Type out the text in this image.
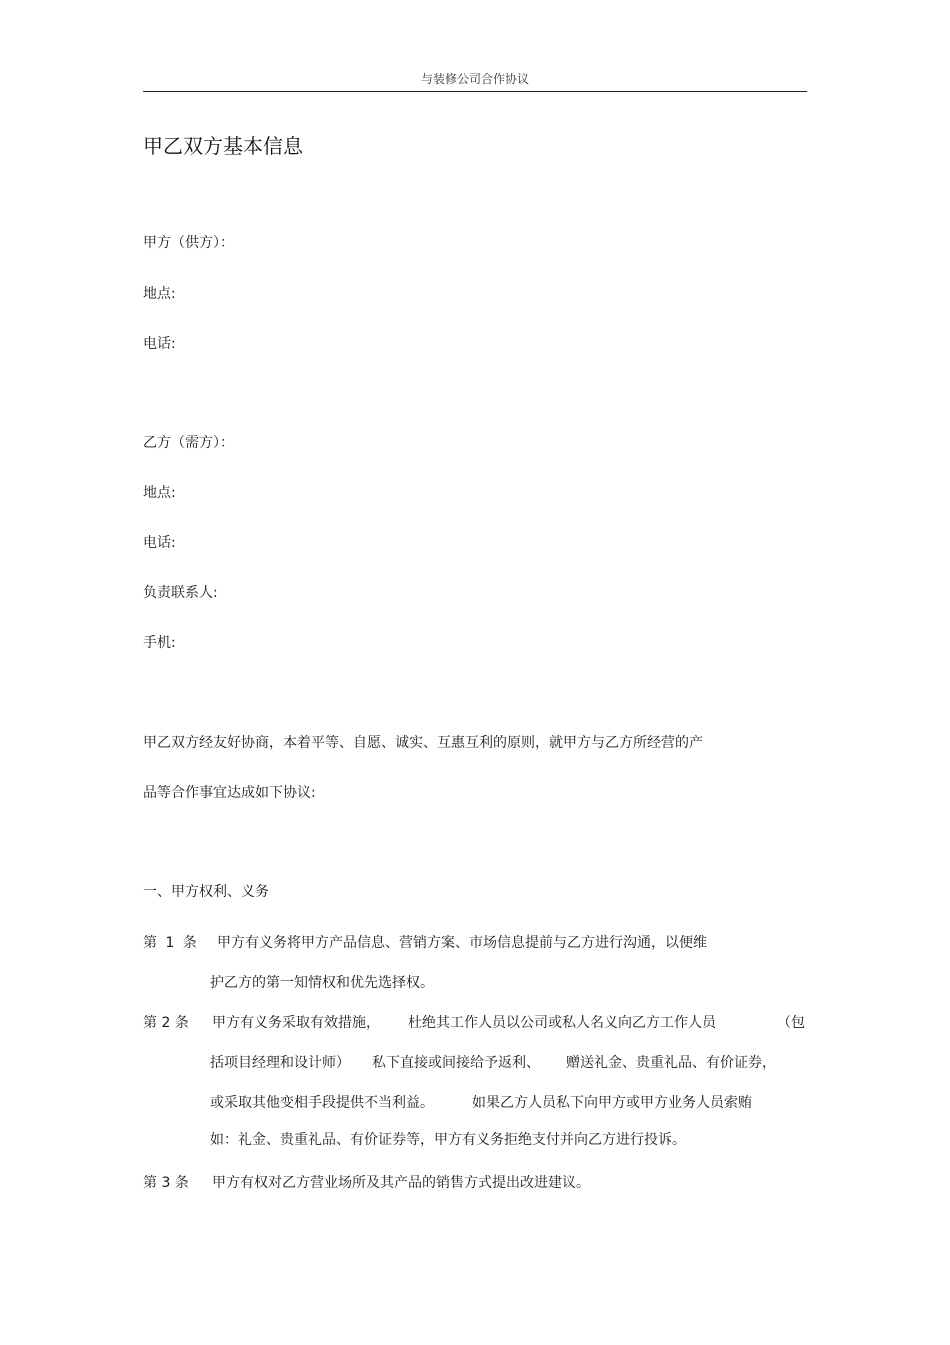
与装修公司合作协议
甲乙双方基本信息
甲方（供方）：
地点:
电话:
乙方（需方）：
地点:
电话:
负责联系人:
手机:
甲乙双方经友好协商，本着平等、自愿、诚实、互惠互利的原则，就甲方与乙方所经营的产
品等合作事宜达成如下协议:
一、甲方权利、义务
第 1 条 甲方有义务将甲方产品信息、营销方案、市场信息提前与乙方进行沟通，以便维
护乙方的第一知情权和优先选择权。
第 2 条 甲方有义务采取有效措施， 杜绝其工作人员以公司或私人名义向乙方工作人员	（包
括项目经理和设计师） 私下直接或间接给予返利、 赠送礼金、贵重礼品、有价证券，
或采取其他变相手段提供不当利益。	如果乙方人员私下向甲方或甲方业务人员索贿
如：礼金、贵重礼品、有价证券等，甲方有义务拒绝支付并向乙方进行投诉。
第 3 条 甲方有权对乙方营业场所及其产品的销售方式提出改进建议。
